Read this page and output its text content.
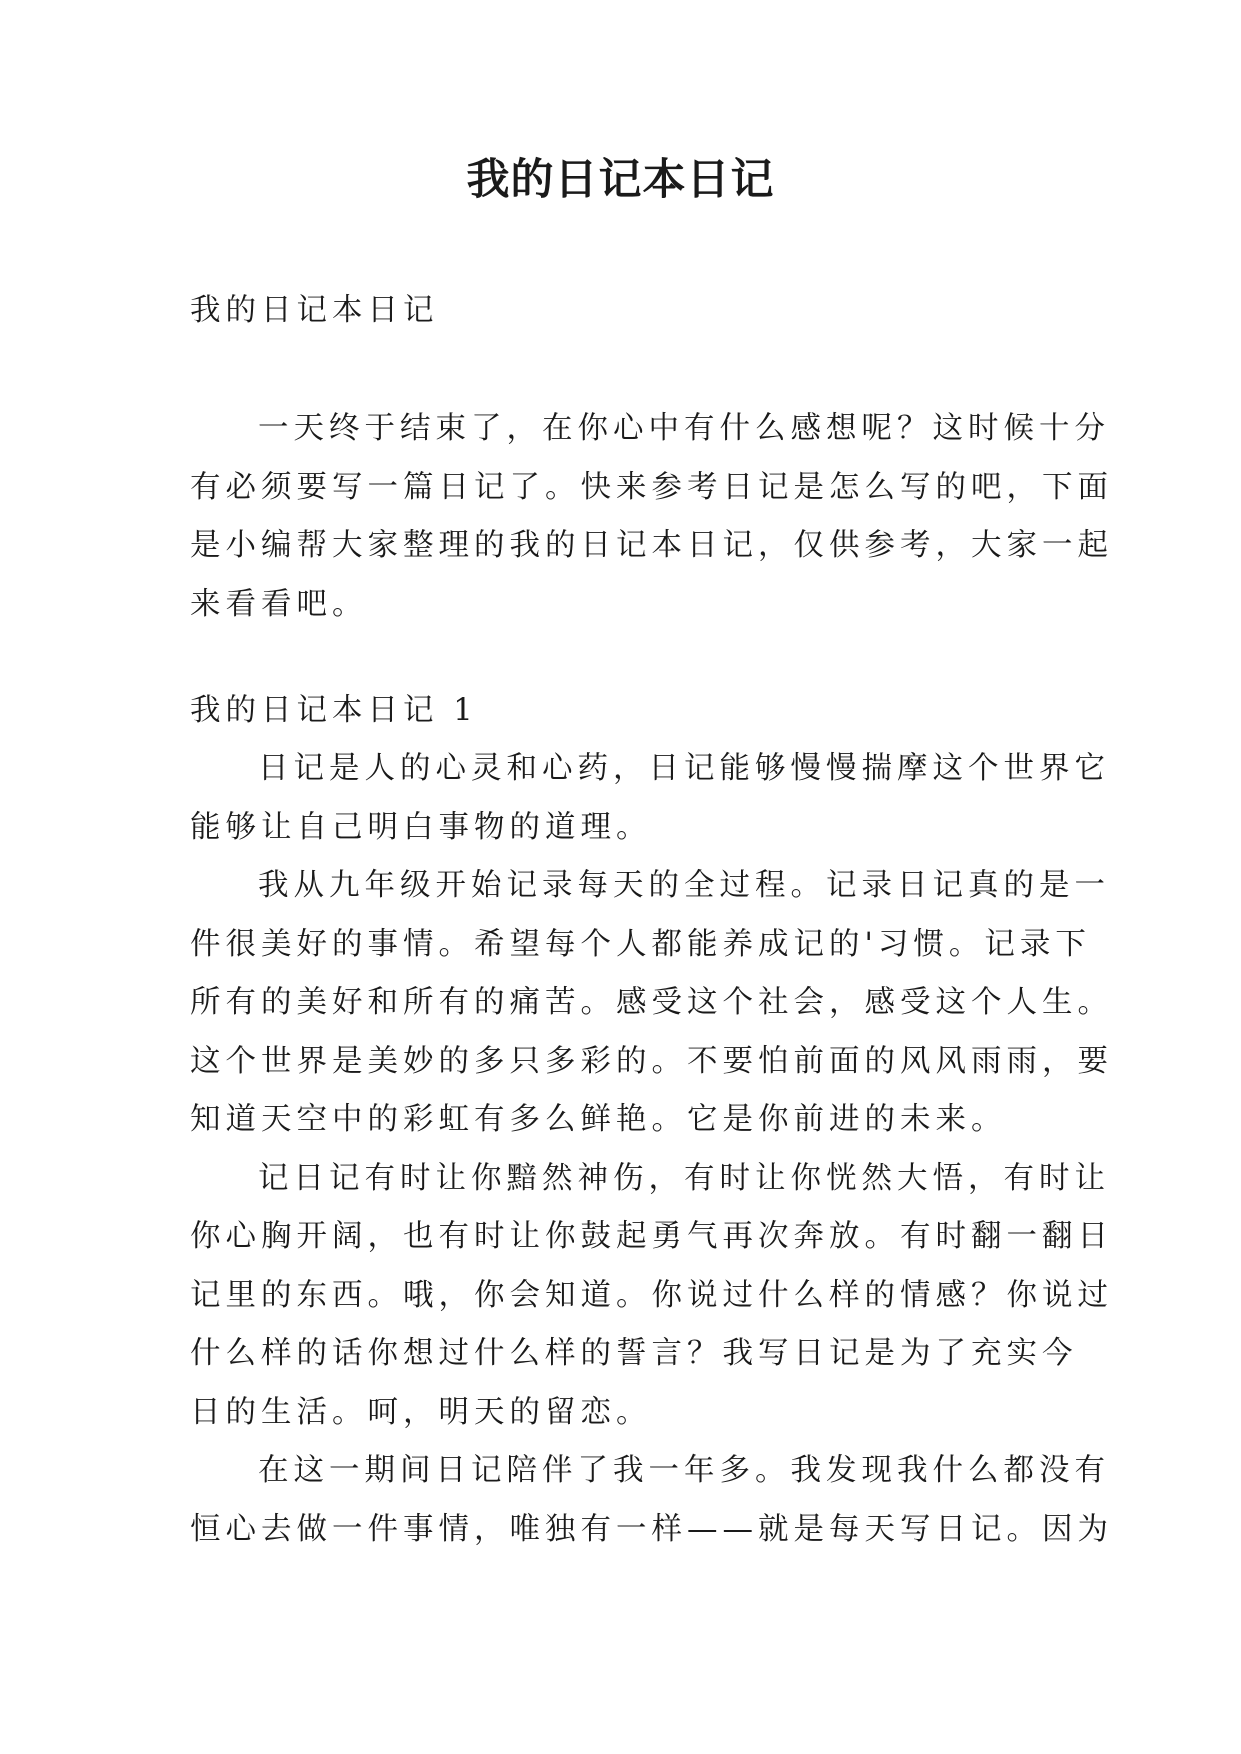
我的日记本日记
我的日记本日记
一天终于结束了，在你心中有什么感想呢？这时候十分
有必须要写一篇日记了。快来参考日记是怎么写的吧，下面
是小编帮大家整理的我的日记本日记，仅供参考，大家一起
来看看吧。
我的日记本日记 1
日记是人的心灵和心药，日记能够慢慢揣摩这个世界它
能够让自己明白事物的道理。
我从九年级开始记录每天的全过程。记录日记真的是一
件很美好的事情。希望每个人都能养成记的'习惯。记录下
所有的美好和所有的痛苦。感受这个社会，感受这个人生。
这个世界是美妙的多只多彩的。不要怕前面的风风雨雨，要
知道天空中的彩虹有多么鲜艳。它是你前进的未来。
记日记有时让你黯然神伤，有时让你恍然大悟，有时让
你心胸开阔，也有时让你鼓起勇气再次奔放。有时翻一翻日
记里的东西。哦，你会知道。你说过什么样的情感？你说过
什么样的话你想过什么样的誓言？我写日记是为了充实今
日的生活。呵，明天的留恋。
在这一期间日记陪伴了我一年多。我发现我什么都没有
恒心去做一件事情，唯独有一样——就是每天写日记。因为
